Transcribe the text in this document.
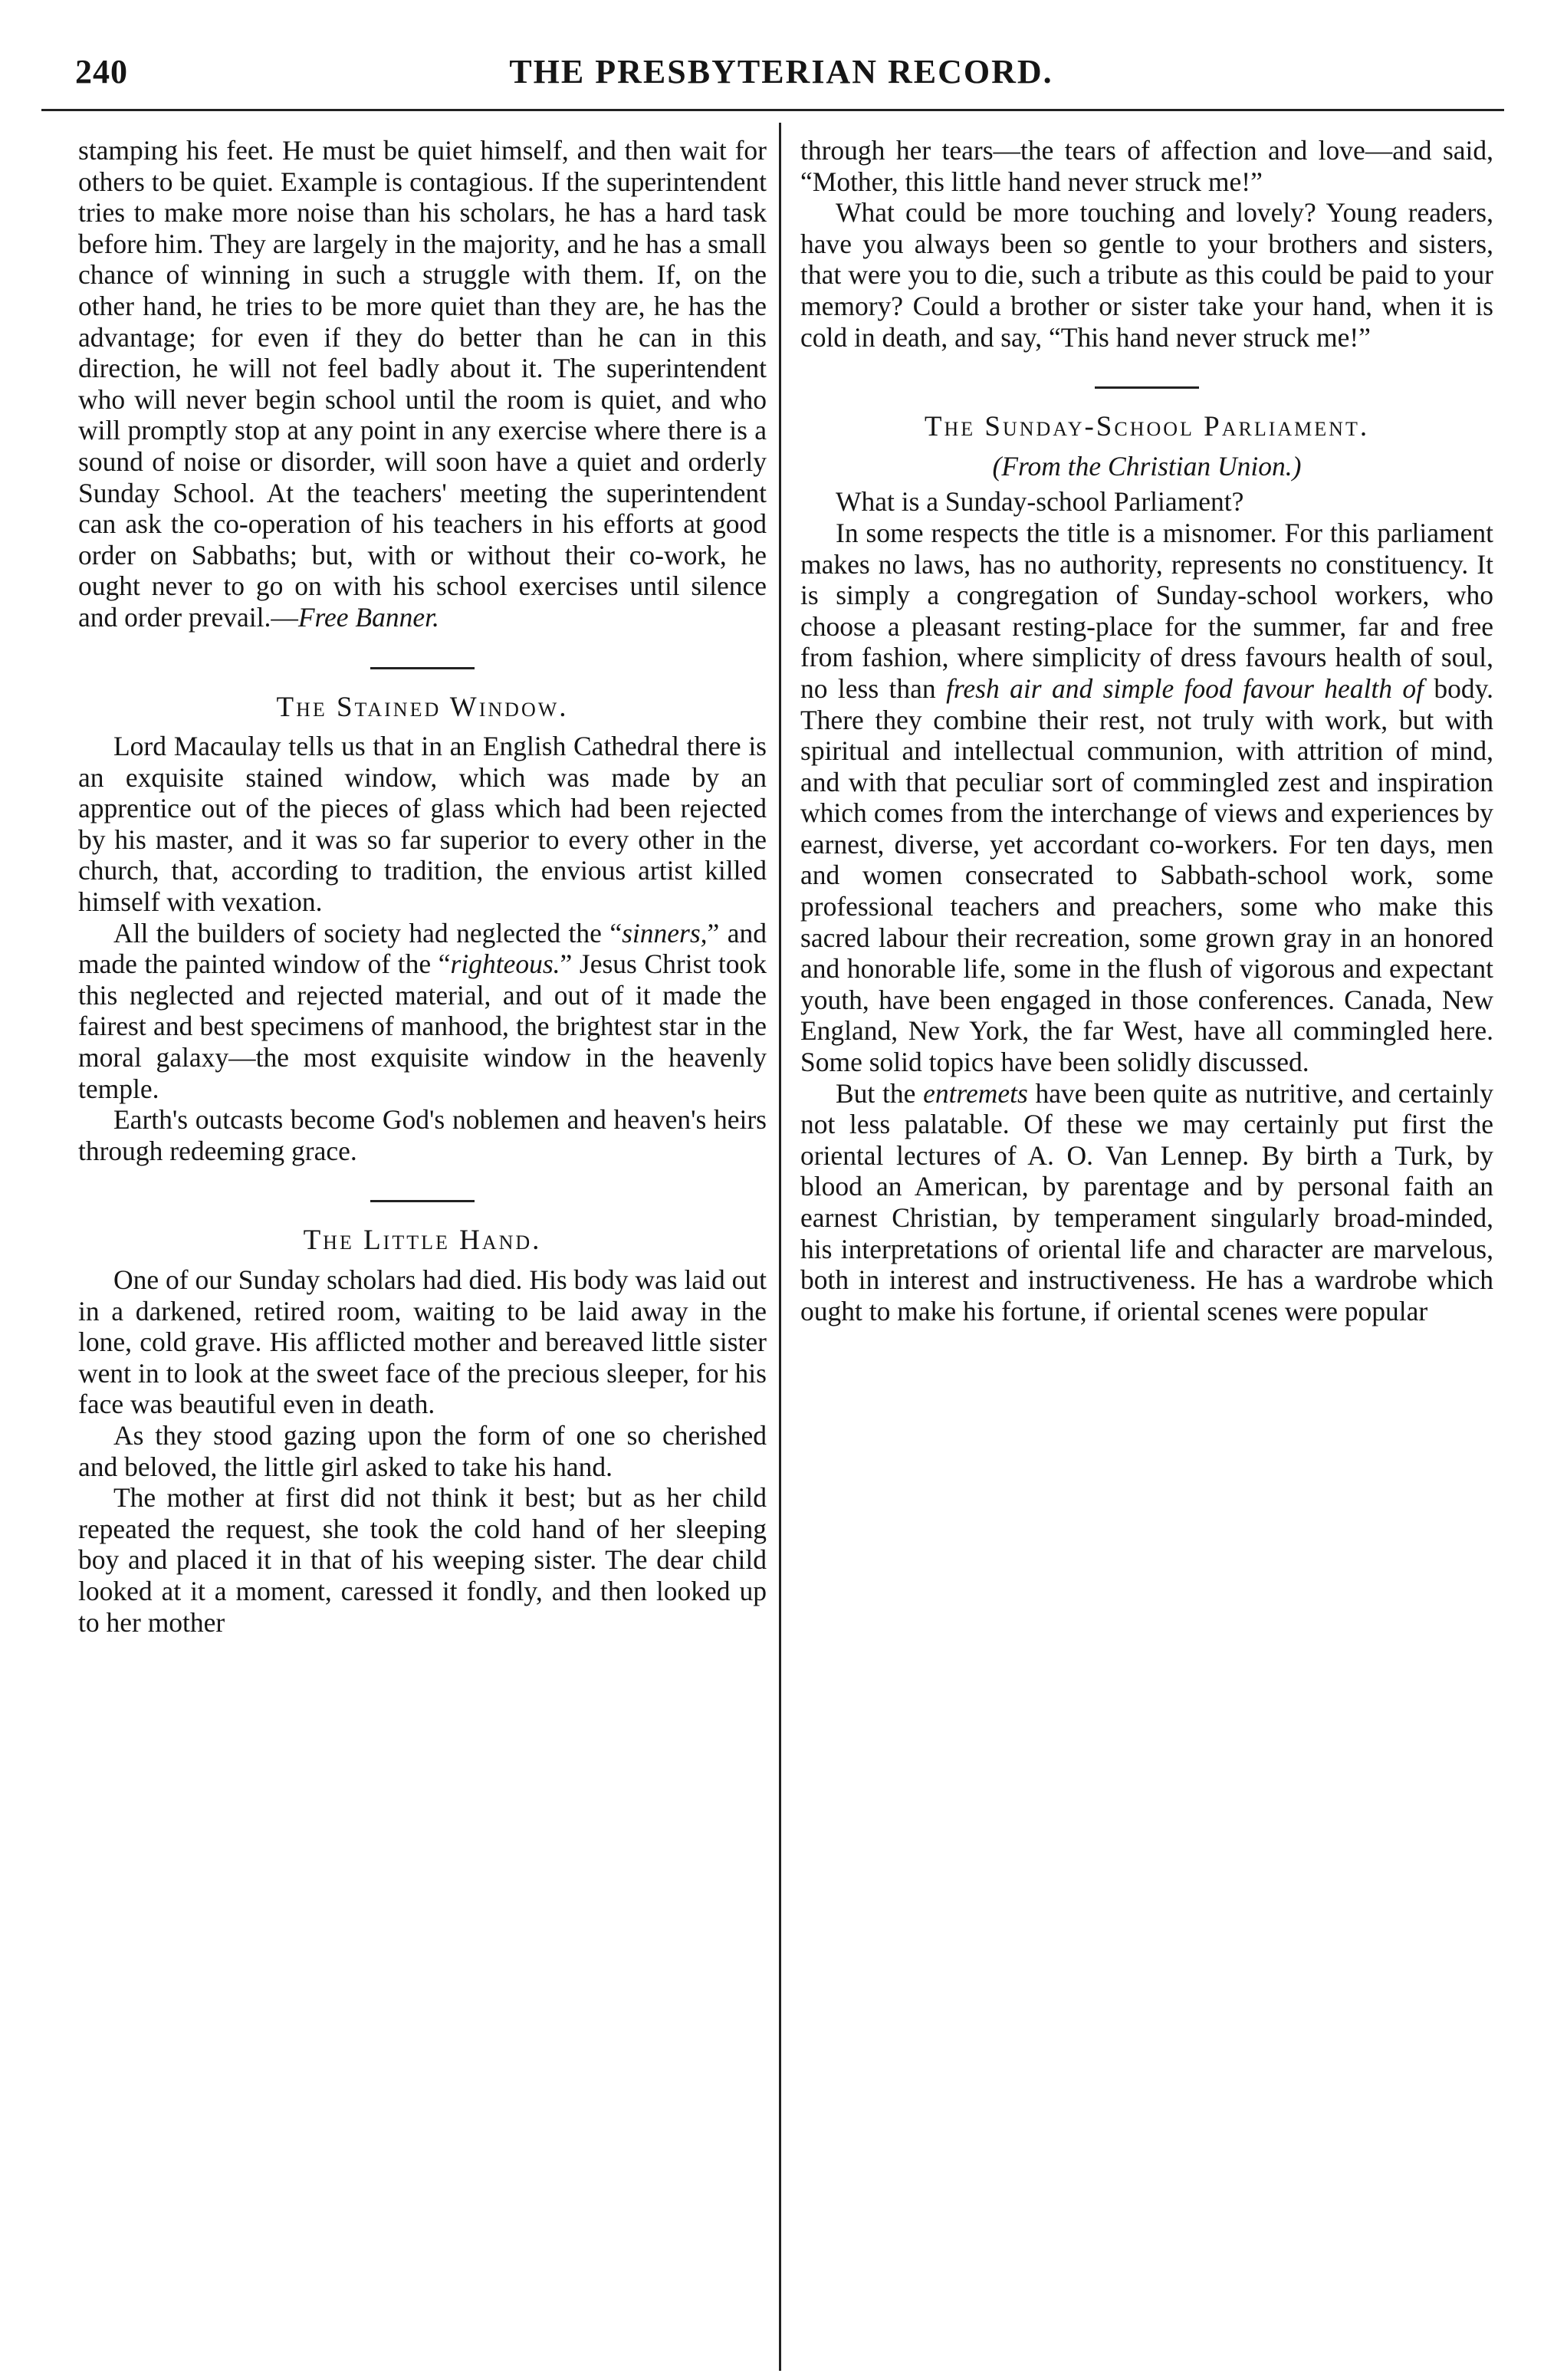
240	THE PRESBYTERIAN RECORD.

stamping his feet. He must be quiet himself, and then wait for others to be quiet. Example is contagious. If the superintendent tries to make more noise than his scholars, he has a hard task before him. They are largely in the majority, and he has a small chance of winning in such a struggle with them. If, on the other hand, he tries to be more quiet than they are, he has the advantage; for even if they do better than he can in this direction, he will not feel badly about it. The superintendent who will never begin school until the room is quiet, and who will promptly stop at any point in any exercise where there is a sound of noise or disorder, will soon have a quiet and orderly Sunday School. At the teachers' meeting the superintendent can ask the co-operation of his teachers in his efforts at good order on Sabbaths; but, with or without their co-work, he ought never to go on with his school exercises until silence and order prevail.—Free Banner.

The Stained Window.

Lord Macaulay tells us that in an English Cathedral there is an exquisite stained window, which was made by an apprentice out of the pieces of glass which had been rejected by his master, and it was so far superior to every other in the church, that, according to tradition, the envious artist killed himself with vexation.

All the builders of society had neglected the “sinners,” and made the painted window of the “righteous.” Jesus Christ took this neglected and rejected material, and out of it made the fairest and best specimens of manhood, the brightest star in the moral galaxy—the most exquisite window in the heavenly temple.

Earth's outcasts become God's noblemen and heaven's heirs through redeeming grace.

The Little Hand.

One of our Sunday scholars had died. His body was laid out in a darkened, retired room, waiting to be laid away in the lone, cold grave. His afflicted mother and bereaved little sister went in to look at the sweet face of the precious sleeper, for his face was beautiful even in death.

As they stood gazing upon the form of one so cherished and beloved, the little girl asked to take his hand.

The mother at first did not think it best; but as her child repeated the request, she took the cold hand of her sleeping boy and placed it in that of his weeping sister. The dear child looked at it a moment, caressed it fondly, and then looked up to her mother

through her tears—the tears of affection and love—and said, “Mother, this little hand never struck me!”

What could be more touching and lovely? Young readers, have you always been so gentle to your brothers and sisters, that were you to die, such a tribute as this could be paid to your memory? Could a brother or sister take your hand, when it is cold in death, and say, “This hand never struck me!”

The Sunday-School Parliament.
(From the Christian Union.)

What is a Sunday-school Parliament?

In some respects the title is a misnomer. For this parliament makes no laws, has no authority, represents no constituency. It is simply a congregation of Sunday-school workers, who choose a pleasant resting-place for the summer, far and free from fashion, where simplicity of dress favours health of soul, no less than fresh air and simple food favour health of body. There they combine their rest, not truly with work, but with spiritual and intellectual communion, with attrition of mind, and with that peculiar sort of commingled zest and inspiration which comes from the interchange of views and experiences by earnest, diverse, yet accordant co-workers. For ten days, men and women consecrated to Sabbath-school work, some professional teachers and preachers, some who make this sacred labour their recreation, some grown gray in an honored and honorable life, some in the flush of vigorous and expectant youth, have been engaged in those conferences. Canada, New England, New York, the far West, have all commingled here. Some solid topics have been solidly discussed.

But the entremets have been quite as nutritive, and certainly not less palatable. Of these we may certainly put first the oriental lectures of A. O. Van Lennep. By birth a Turk, by blood an American, by parentage and by personal faith an earnest Christian, by temperament singularly broad-minded, his interpretations of oriental life and character are marvelous, both in interest and instructiveness. He has a wardrobe which ought to make his fortune, if oriental scenes were popular
